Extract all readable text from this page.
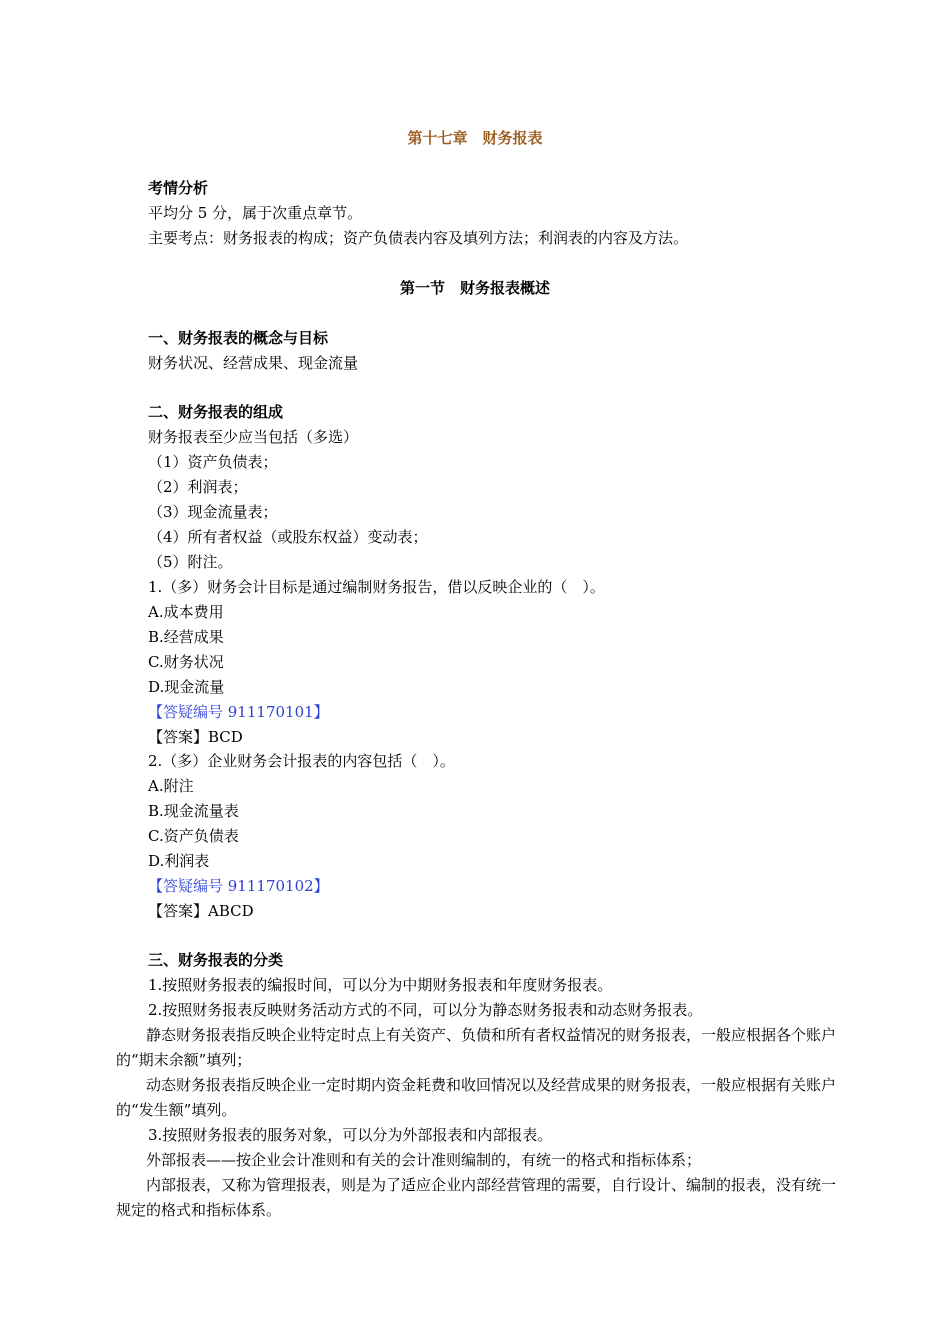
第十七章　财务报表
考情分析
平均分 5 分，属于次重点章节。
主要考点：财务报表的构成；资产负债表内容及填列方法；利润表的内容及方法。
第一节　财务报表概述
一、财务报表的概念与目标
财务状况、经营成果、现金流量
二、财务报表的组成
财务报表至少应当包括（多选）
（1）资产负债表；
（2）利润表；
（3）现金流量表；
（4）所有者权益（或股东权益）变动表；
（5）附注。
1.（多）财务会计目标是通过编制财务报告，借以反映企业的（　）。
A.成本费用
B.经营成果
C.财务状况
D.现金流量
【答疑编号 911170101】
【答案】BCD
2.（多）企业财务会计报表的内容包括（　）。
A.附注
B.现金流量表
C.资产负债表
D.利润表
【答疑编号 911170102】
【答案】ABCD
三、财务报表的分类
1.按照财务报表的编报时间，可以分为中期财务报表和年度财务报表。
2.按照财务报表反映财务活动方式的不同，可以分为静态财务报表和动态财务报表。
静态财务报表指反映企业特定时点上有关资产、负债和所有者权益情况的财务报表，一般应根据各个账户的“期末余额”填列；
动态财务报表指反映企业一定时期内资金耗费和收回情况以及经营成果的财务报表，一般应根据有关账户的“发生额”填列。
3.按照财务报表的服务对象，可以分为外部报表和内部报表。
外部报表——按企业会计准则和有关的会计准则编制的，有统一的格式和指标体系；
内部报表，又称为管理报表，则是为了适应企业内部经营管理的需要，自行设计、编制的报表，没有统一规定的格式和指标体系。
